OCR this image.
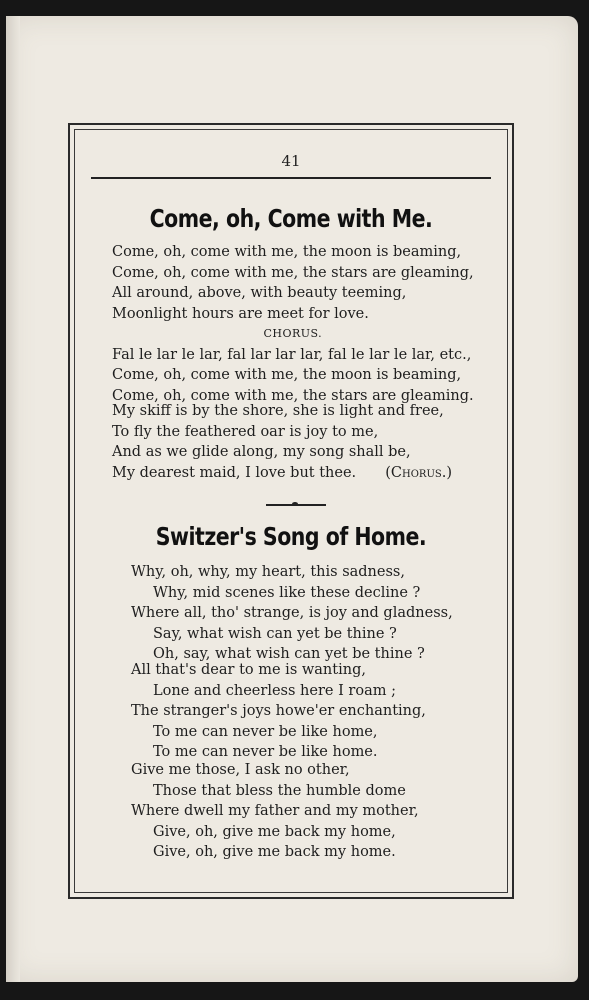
41
Come, oh, Come with Me.
Come, oh, come with me, the moon is beaming,
Come, oh, come with me, the stars are gleaming,
All around, above, with beauty teeming,
Moonlight hours are meet for love.
CHORUS.
Fal le lar le lar, fal lar lar lar, fal le lar le lar, etc.,
Come, oh, come with me, the moon is beaming,
Come, oh, come with me, the stars are gleaming.
My skiff is by the shore, she is light and free,
To fly the feathered oar is joy to me,
And as we glide along, my song shall be,
My dearest maid, I love but thee. (Chorus.)
Switzer's Song of Home.
Why, oh, why, my heart, this sadness,
Why, mid scenes like these decline ?
Where all, tho' strange, is joy and gladness,
Say, what wish can yet be thine ?
Oh, say, what wish can yet be thine ?
All that's dear to me is wanting,
Lone and cheerless here I roam ;
The stranger's joys howe'er enchanting,
To me can never be like home,
To me can never be like home.
Give me those, I ask no other,
Those that bless the humble dome
Where dwell my father and my mother,
Give, oh, give me back my home,
Give, oh, give me back my home.
